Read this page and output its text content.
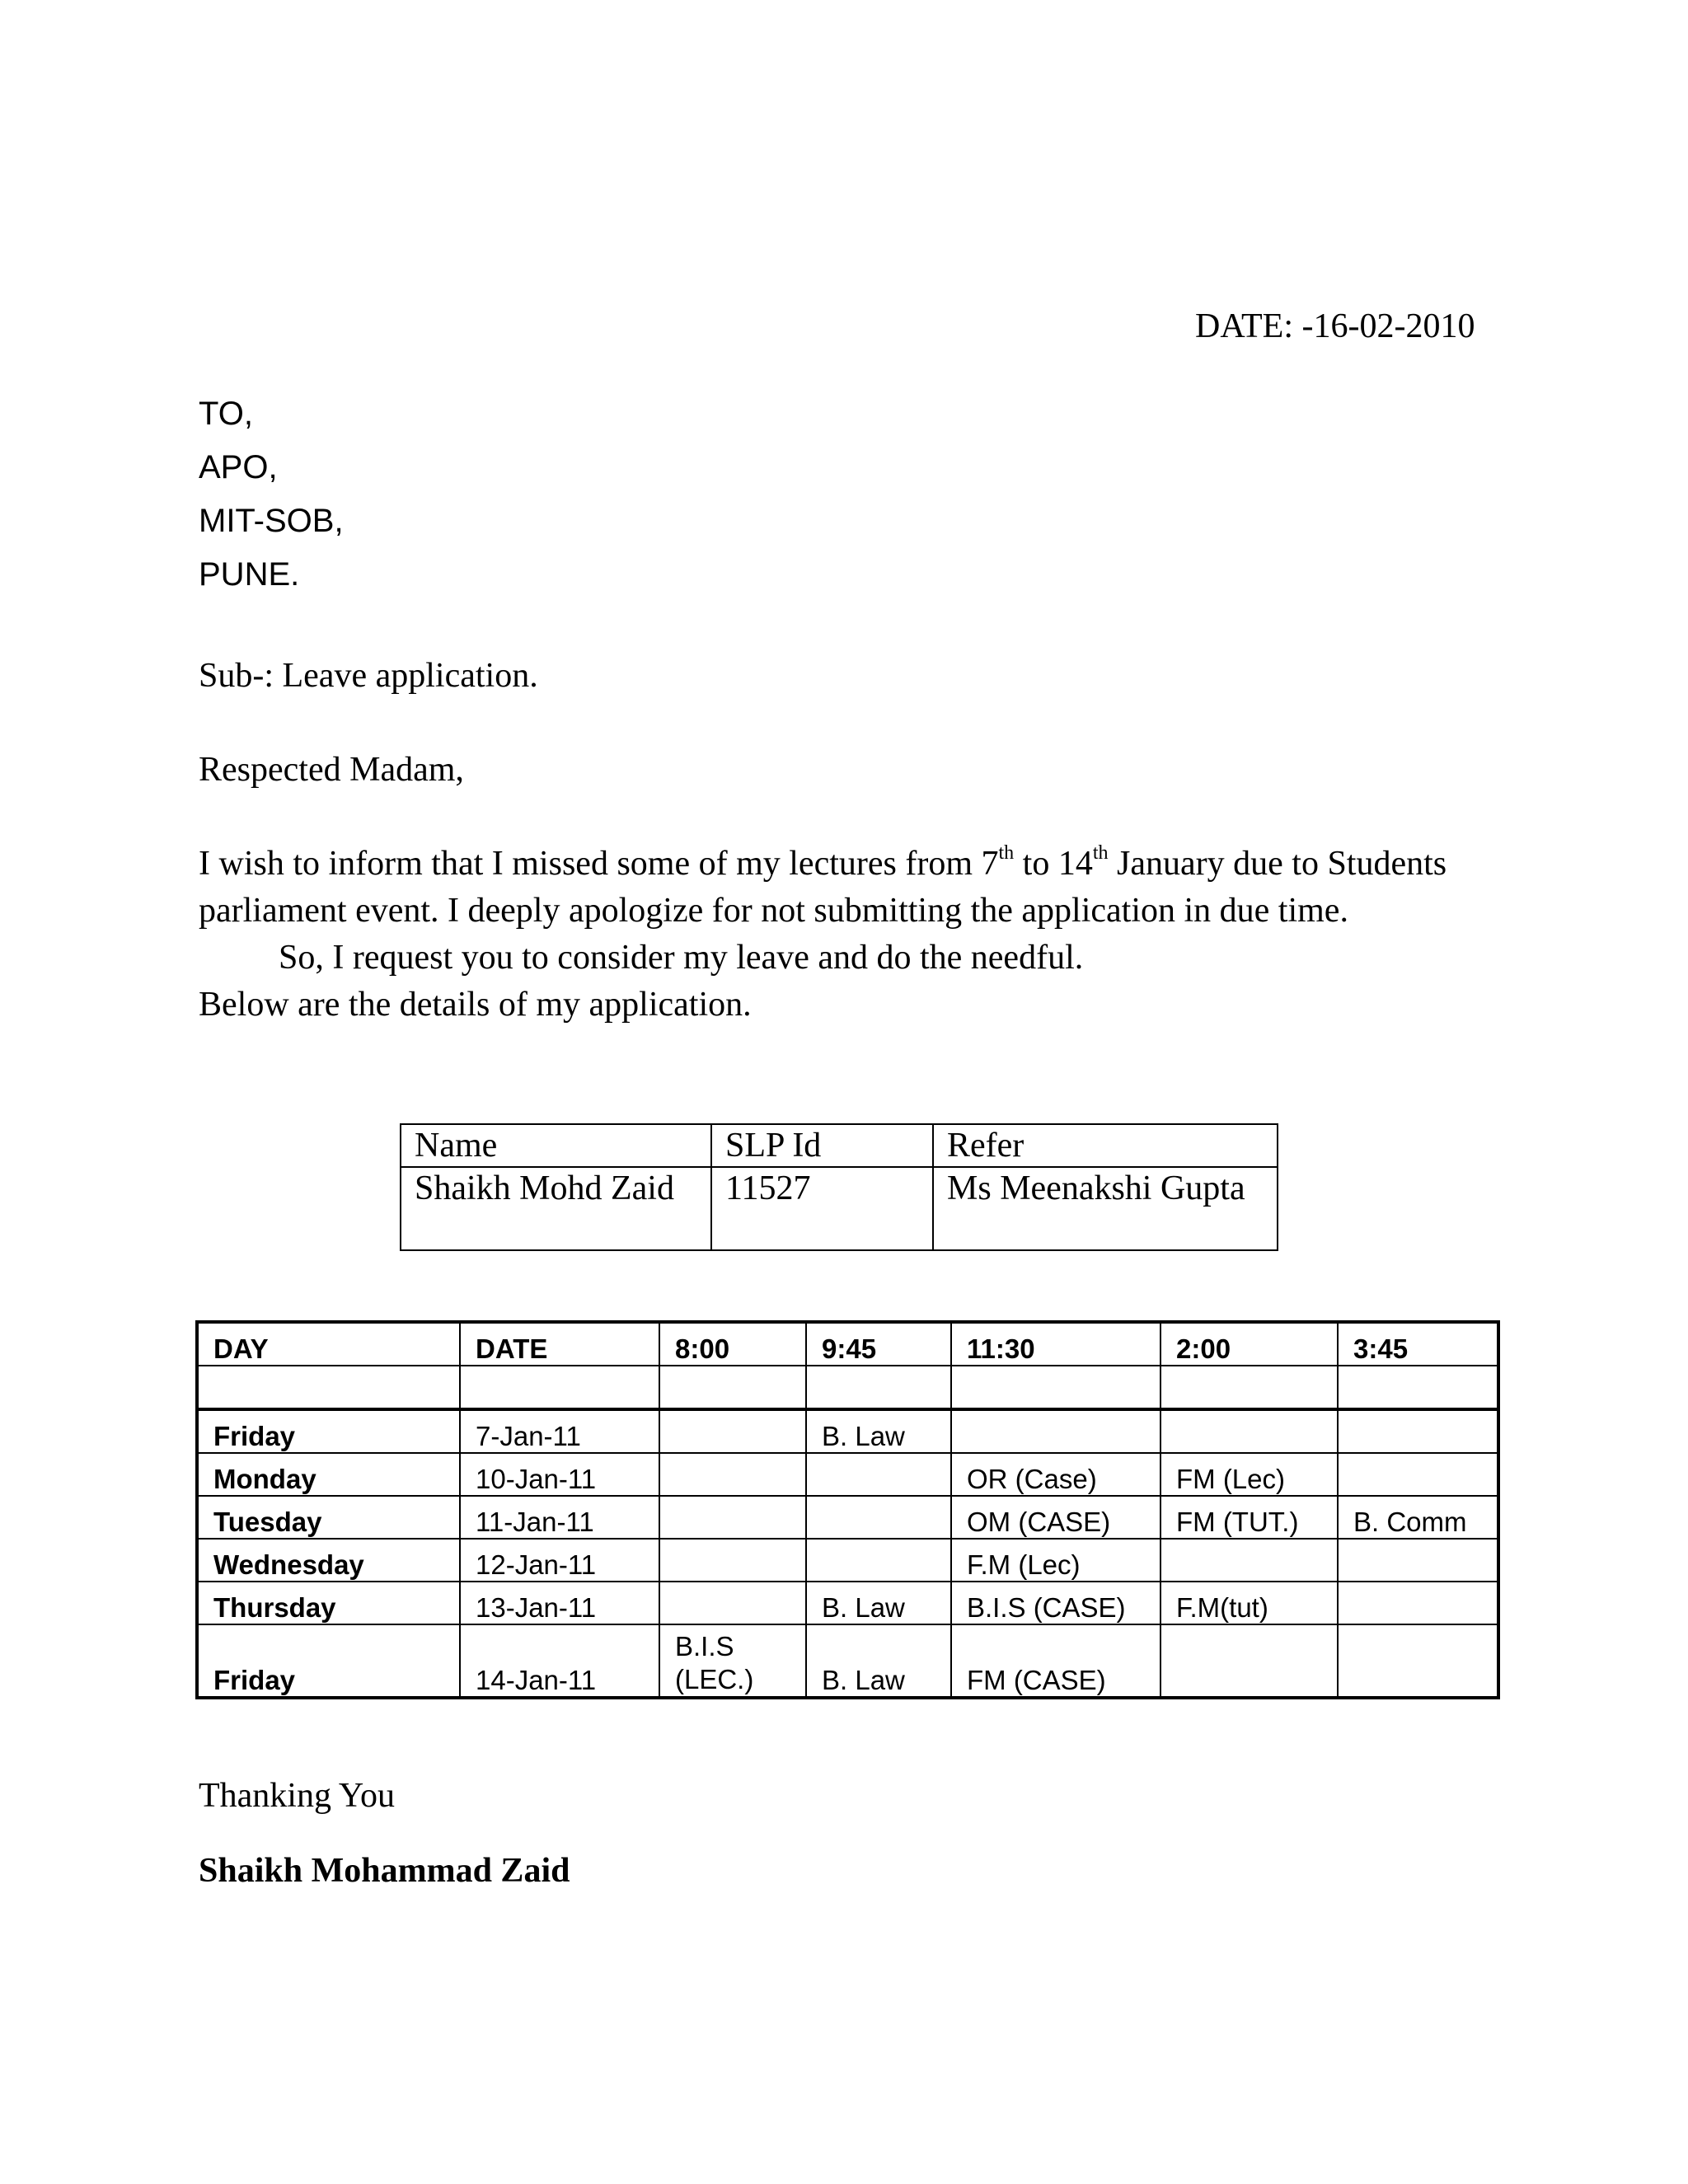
DATE: -16-02-2010
TO,
APO,
MIT-SOB,
PUNE.
Sub-: Leave application.
Respected Madam,

I wish to inform that I missed some of my lectures from 7th to 14th January due to Students parliament event. I deeply apologize for not submitting the application in due time.

So, I request you to consider my leave and do the needful.

Below are the details of my application.

Name	SLP Id	Refer
Shaikh Mohd Zaid	11527	Ms Meenakshi Gupta
DAY	DATE	8:00	9:45	11:30	2:00	3:45

Friday	7-Jan-11		B. Law			
Monday	10-Jan-11			OR (Case)	FM (Lec)	
Tuesday	11-Jan-11			OM (CASE)	FM (TUT.)	B. Comm
Wednesday	12-Jan-11			F.M (Lec)		
Thursday	13-Jan-11		B. Law	B.I.S (CASE)	F.M(tut)	
Friday	14-Jan-11	B.I.S (LEC.)	B. Law	FM (CASE)		
Thanking You
Shaikh Mohammad Zaid
